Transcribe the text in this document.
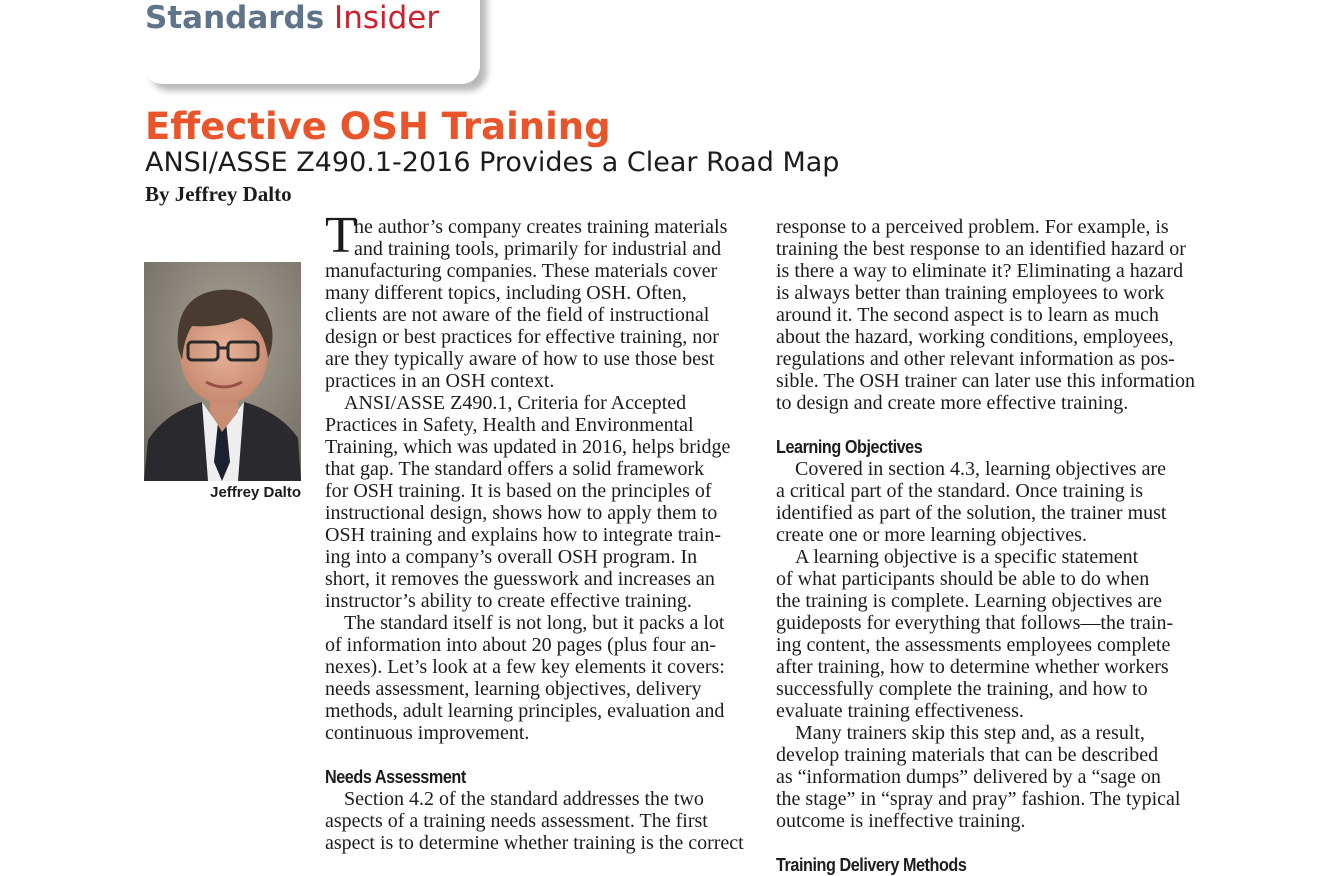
Standards Insider
Effective OSH Training
ANSI/ASSE Z490.1-2016 Provides a Clear Road Map
By Jeffrey Dalto
Jeffrey Dalto
T
he author’s company creates training materials
and training tools, primarily for industrial and
manufacturing companies. These materials cover
many different topics, including OSH. Often,
clients are not aware of the field of instructional
design or best practices for effective training, nor
are they typically aware of how to use those best
practices in an OSH context.
ANSI/ASSE Z490.1, Criteria for Accepted
Practices in Safety, Health and Environmental
Training, which was updated in 2016, helps bridge
that gap. The standard offers a solid framework
for OSH training. It is based on the principles of
instructional design, shows how to apply them to
OSH training and explains how to integrate train-
ing into a company’s overall OSH program. In
short, it removes the guesswork and increases an
instructor’s ability to create effective training.
The standard itself is not long, but it packs a lot
of information into about 20 pages (plus four an-
nexes). Let’s look at a few key elements it covers:
needs assessment, learning objectives, delivery
methods, adult learning principles, evaluation and
continuous improvement.
Needs Assessment
Section 4.2 of the standard addresses the two
aspects of a training needs assessment. The first
aspect is to determine whether training is the correct
response to a perceived problem. For example, is
training the best response to an identified hazard or
is there a way to eliminate it? Eliminating a hazard
is always better than training employees to work
around it. The second aspect is to learn as much
about the hazard, working conditions, employees,
regulations and other relevant information as pos-
sible. The OSH trainer can later use this information
to design and create more effective training.
Learning Objectives
Covered in section 4.3, learning objectives are
a critical part of the standard. Once training is
identified as part of the solution, the trainer must
create one or more learning objectives.
A learning objective is a specific statement
of what participants should be able to do when
the training is complete. Learning objectives are
guideposts for everything that follows—the train-
ing content, the assessments employees complete
after training, how to determine whether workers
successfully complete the training, and how to
evaluate training effectiveness.
Many trainers skip this step and, as a result,
develop training materials that can be described
as “information dumps” delivered by a “sage on
the stage” in “spray and pray” fashion. The typical
outcome is ineffective training.
Training Delivery Methods
